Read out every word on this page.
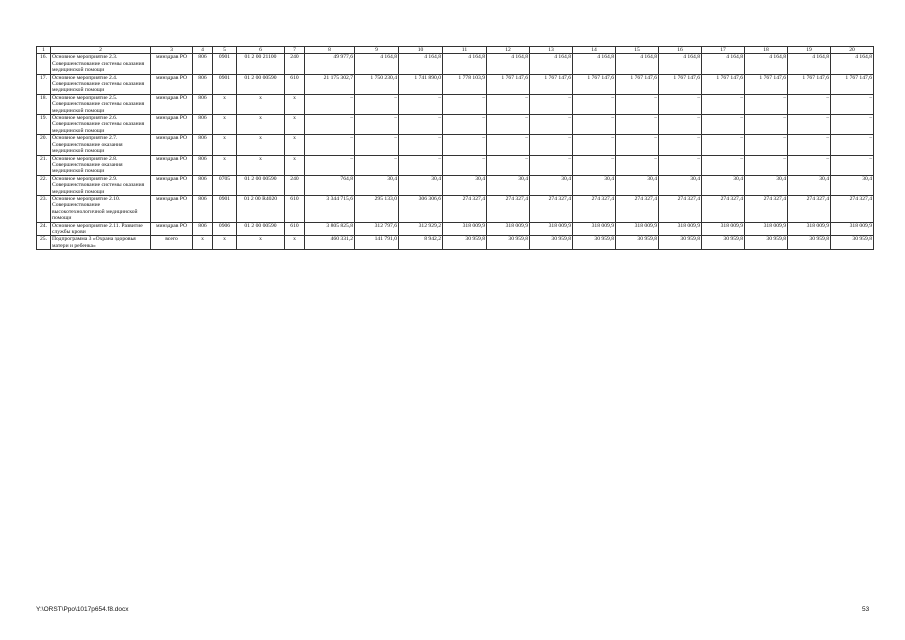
1	2	3	4	5	6	7	8	9	10	11	12	13	14	15	16	17	18	19	20
16.	Основное мероприятие 2.3. Совершенствование системы оказания медицинской помощи	минздрав РО	806	0901	01 2 00 21100	240	49 977,6	4 164,8	4 164,8	4 164,8	4 164,8	4 164,8	4 164,8	4 164,8	4 164,8	4 164,8	4 164,8	4 164,8	4 164,8
17.	Основное мероприятие 2.4. Совершенствование системы оказания медицинской помощи	минздрав РО	806	0901	01 2 00 00590	610	21 175 302,7	1 750 230,4	1 741 890,0	1 778 103,9	1 767 147,6	1 767 147,6	1 767 147,6	1 767 147,6	1 767 147,6	1 767 147,6	1 767 147,6	1 767 147,6	1 767 147,6
18.	Основное мероприятие 2.5. Совершенствование системы оказания медицинской помощи	минздрав РО	806	x	x	x	–	–	–	–	–	–	–	–	–	–	–	–	–
19.	Основное мероприятие 2.6. Совершенствование системы оказания медицинской помощи	минздрав РО	806	x	x	x	–	–	–	–	–	–	–	–	–	–	–	–	–
20.	Основное мероприятие 2.7. Совершенствование оказания медицинской помощи	минздрав РО	806	x	x	x	–	–	–	–	–	–	–	–	–	–	–	–	–
21.	Основное мероприятие 2.8. Совершенствование оказания медицинской помощи	минздрав РО	806	x	x	x	–	–	–	–	–	–	–	–	–	–	–	–	–
22.	Основное мероприятие 2.9. Совершенствование системы оказания медицинской помощи	минздрав РО	806	0705	01 2 00 00590	240	764,8	30,4	30,4	30,4	30,4	30,4	30,4	30,4	30,4	30,4	30,4	30,4	30,4
23.	Основное мероприятие 2.10. Совершенствование высокотехнологичной медицинской помощи	минздрав РО	806	0901	01 2 00 R4020	610	3 344 715,6	295 133,0	306 306,6	274 327,4	274 327,4	274 327,4	274 327,4	274 327,4	274 327,4	274 327,4	274 327,4	274 327,4	274 327,4
24.	Основное мероприятие 2.11. Развитие службы крови	минздрав РО	806	0906	01 2 00 00590	610	3 805 825,8	312 797,6	312 929,2	318 009,9	318 009,9	318 009,9	318 009,9	318 009,9	318 009,9	318 009,9	318 009,9	318 009,9	318 009,9
25.	Подпрограмма 3 «Охрана здоровья матери и ребенка»	всего	x	x	x	x	460 331,2	141 791,0	8 942,2	30 959,8	30 959,8	30 959,8	30 959,8	30 959,8	30 959,8	30 959,8	30 959,8	30 959,8	30 959,8
Y:\ORST\Ppo\1017p654.f8.docx	53
